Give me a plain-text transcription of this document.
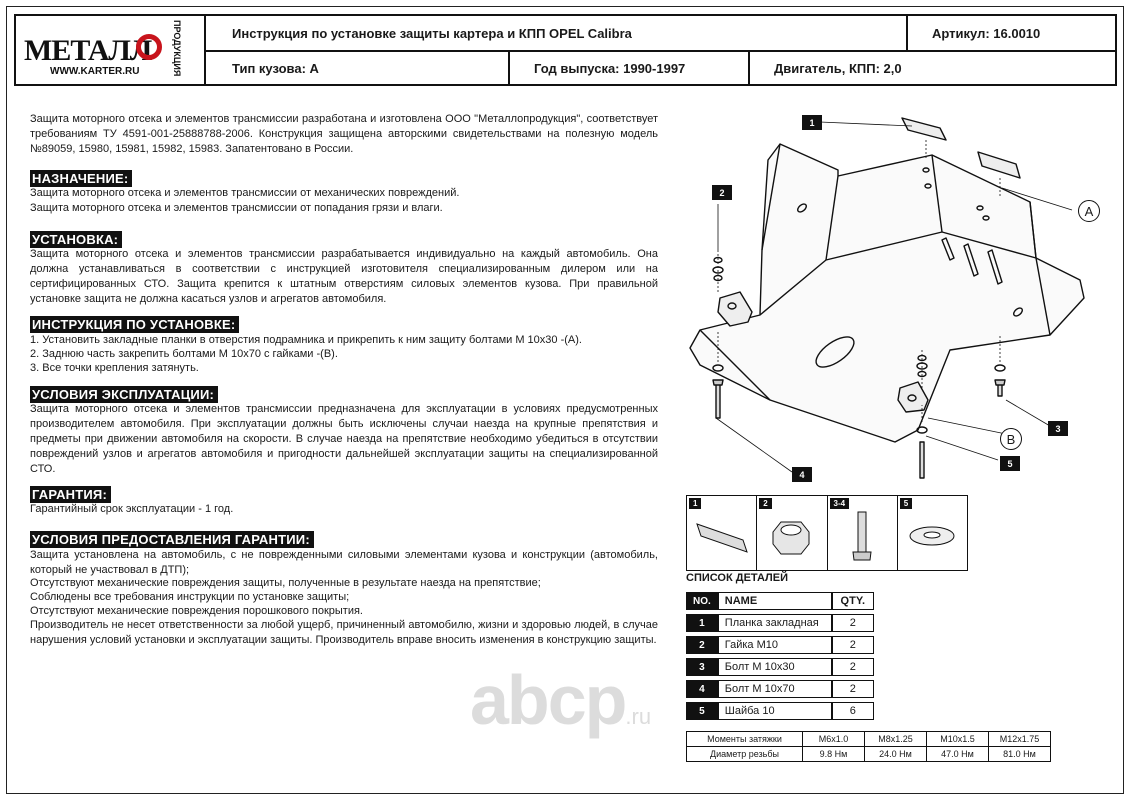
МЕТАЛЛ ПРОДУКЦИЯ
WWW.KARTER.RU
Инструкция по установке защиты картера и КПП OPEL Calibra	Артикул: 16.0010
Тип кузова: А	Год выпуска: 1990-1997	Двигатель, КПП: 2,0
Защита моторного отсека и элементов трансмиссии разработана и изготовлена ООО "Металлопродукция", соответствует требованиям ТУ 4591-001-25888788-2006. Конструкция защищена авторскими свидетельствами на полезную модель №89059, 15980, 15981, 15982, 15983. Запатентовано в России.
НАЗНАЧЕНИЕ:
Защита моторного отсека и элементов трансмиссии от механических повреждений.
Защита моторного отсека и элементов трансмиссии от попадания грязи и влаги.
УСТАНОВКА:
Защита моторного отсека и элементов трансмиссии разрабатывается индивидуально на каждый автомобиль. Она должна устанавливаться в соответствии с инструкцией изготовителя специализированным дилером или на сертифицированных СТО. Защита крепится к штатным отверстиям силовых элементов кузова. При правильной установке защита не должна касаться узлов и агрегатов автомобиля.
ИНСТРУКЦИЯ ПО УСТАНОВКЕ:
1. Установить закладные планки в отверстия подрамника и прикрепить к ним защиту болтами М 10х30 -(А).
2. Заднюю часть закрепить болтами М 10х70 с гайками -(В).
3. Все точки крепления затянуть.
УСЛОВИЯ ЭКСПЛУАТАЦИИ:
Защита моторного отсека и элементов трансмиссии предназначена для эксплуатации в условиях предусмотренных производителем автомобиля. При эксплуатации должны быть исключены случаи наезда на крупные препятствия и предметы при движении автомобиля на скорости. В случае наезда на препятствие необходимо убедиться в отсутствии повреждений узлов и агрегатов автомобиля и пригодности дальнейшей эксплуатации защиты на специализированной СТО.
ГАРАНТИЯ:
Гарантийный срок эксплуатации - 1 год.
УСЛОВИЯ ПРЕДОСТАВЛЕНИЯ ГАРАНТИИ:
Защита установлена на автомобиль, с не поврежденными силовыми элементами кузова и конструкции (автомобиль, который не участвовал в ДТП);
Отсутствуют механические повреждения защиты, полученные в результате наезда на препятствие;
Соблюдены все требования инструкции по установке защиты;
Отсутствуют механические повреждения порошкового покрытия.
Производитель не несет ответственности за любой ущерб, причиненный автомобилю, жизни и здоровью людей, в случае нарушения условий установки и эксплуатации защиты. Производитель вправе вносить изменения в конструкцию защиты.
abcp.ru
1
2
3
4
5
A
B
1	2	3-4	5
СПИСОК ДЕТАЛЕЙ
NO.	NAME	QTY.
1	Планка закладная	2
2	Гайка М10	2
3	Болт М 10х30	2
4	Болт М 10х70	2
5	Шайба 10	6
Моменты затяжки	M6x1.0	M8x1.25	M10x1.5	M12x1.75
Диаметр резьбы	9.8 Нм	24.0 Нм	47.0 Нм	81.0 Нм
